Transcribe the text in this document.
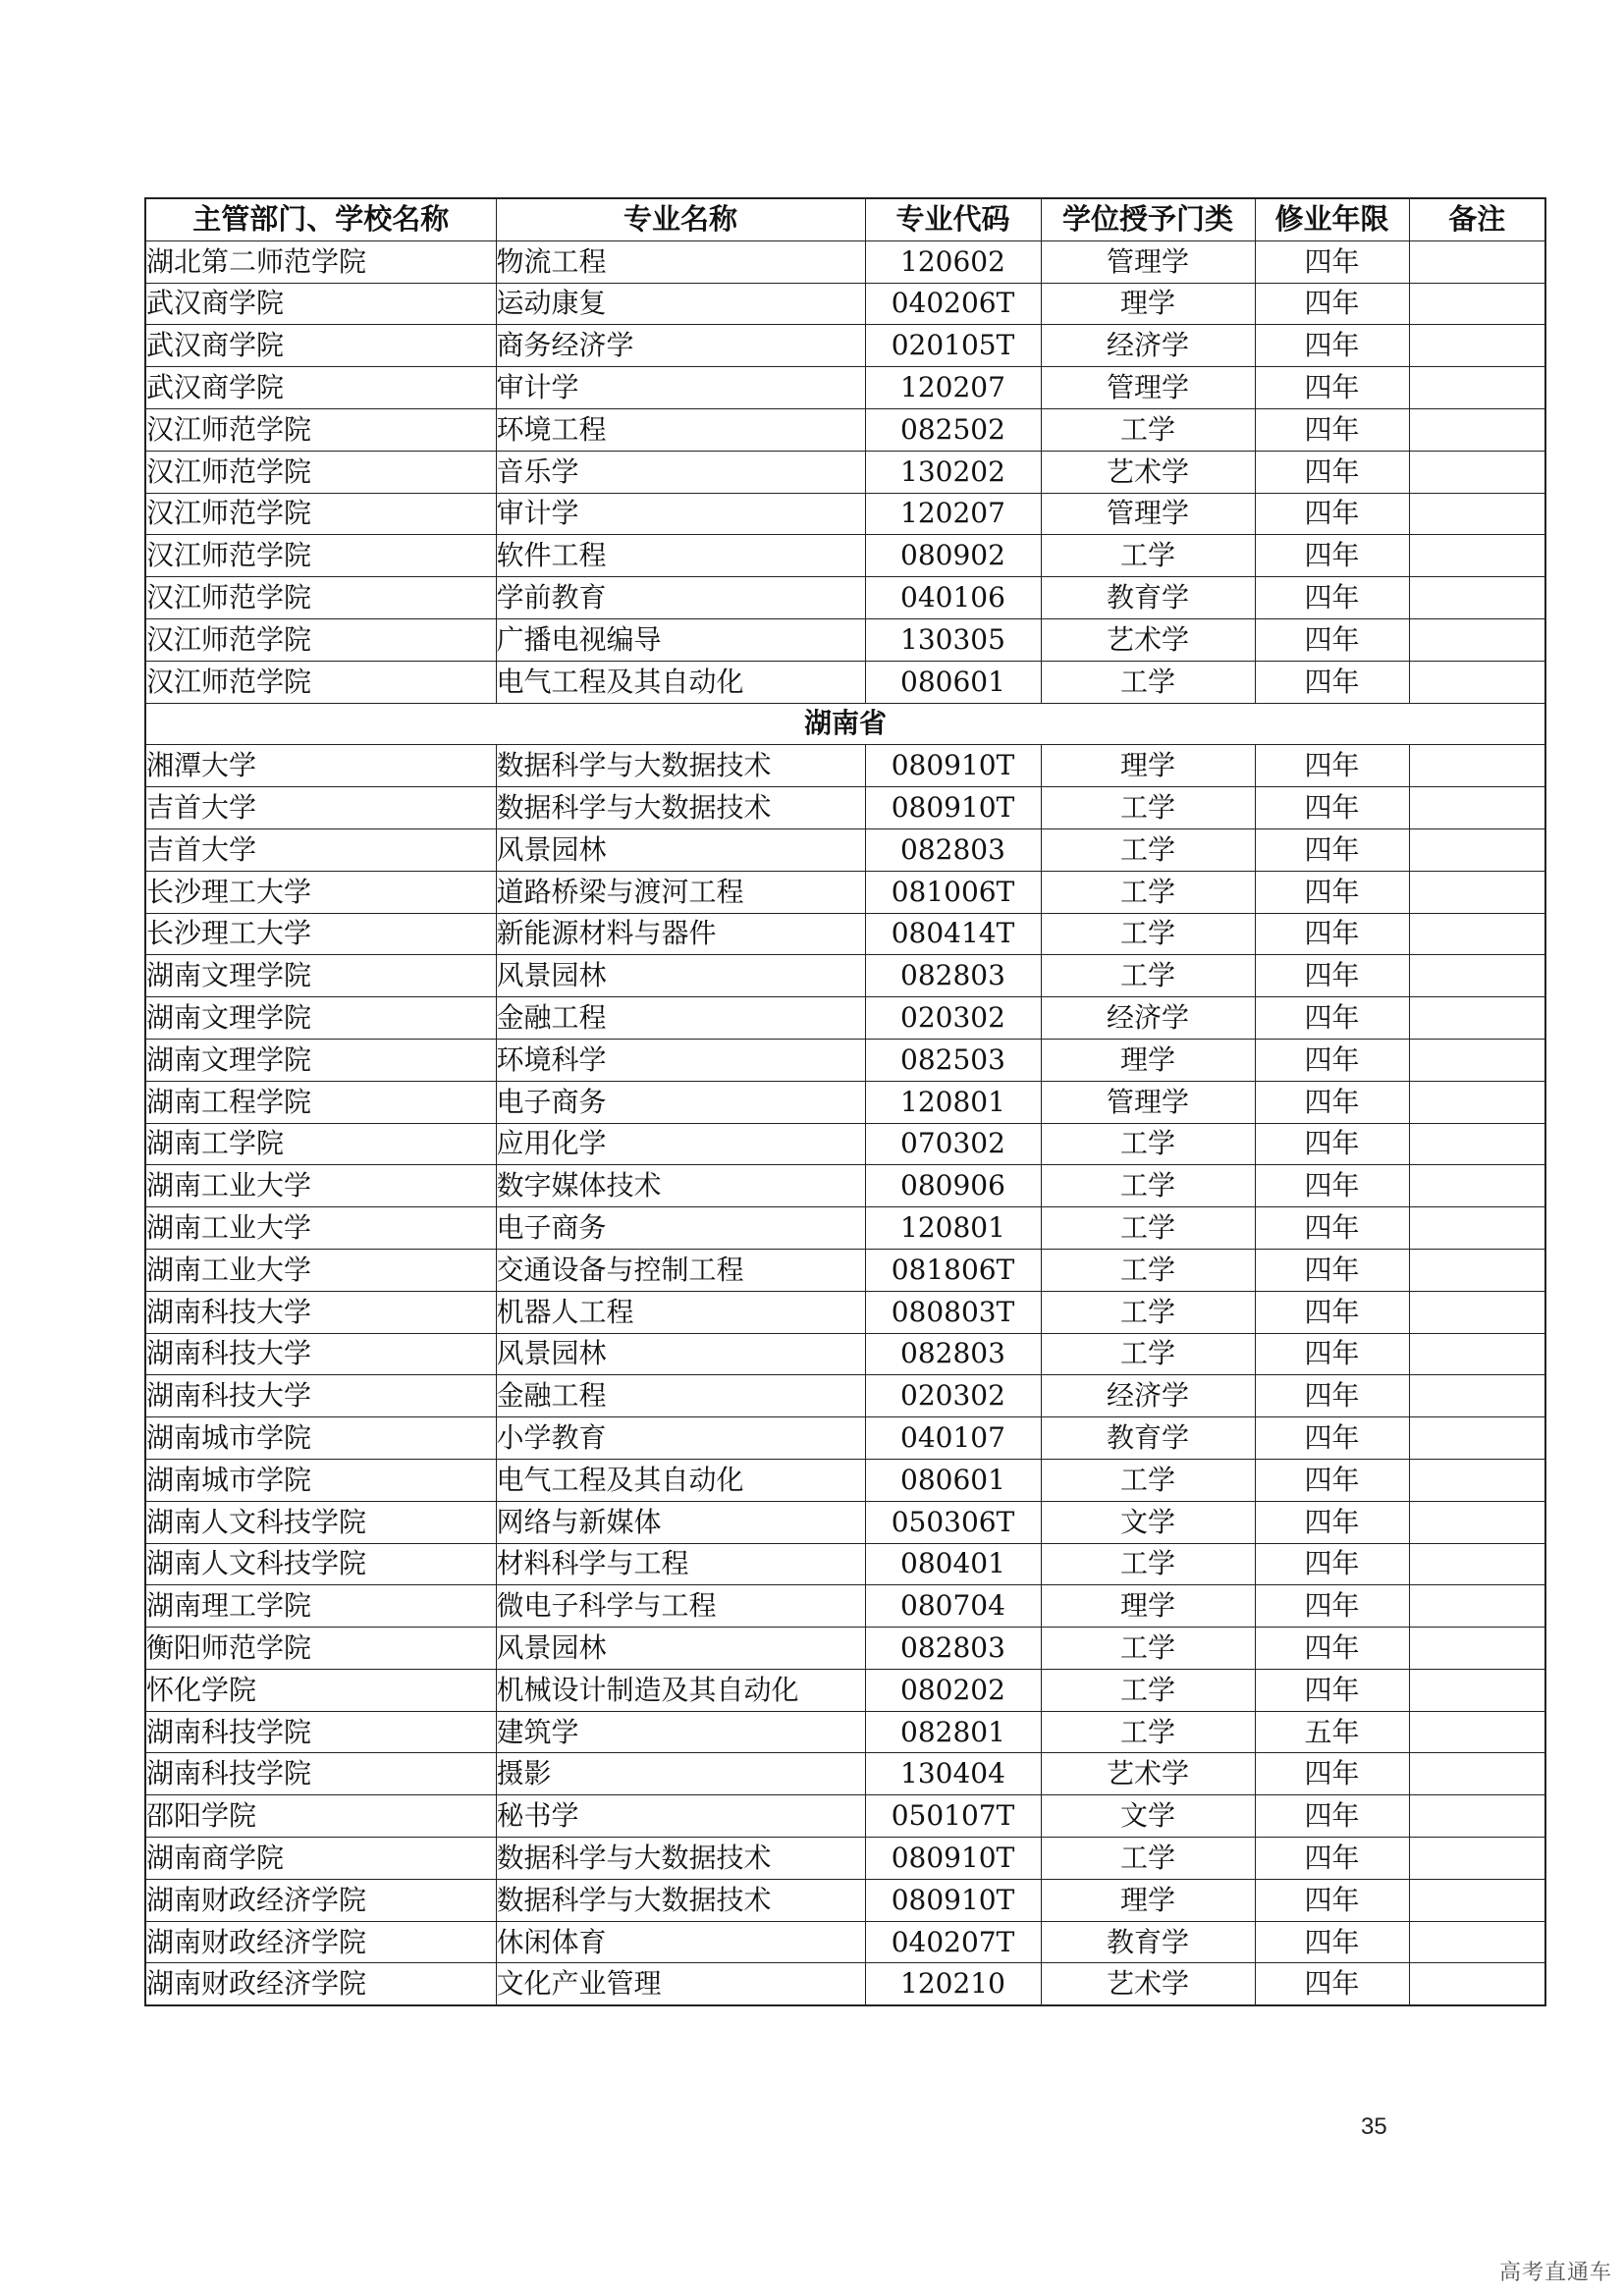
主管部门、学校名称	专业名称	专业代码	学位授予门类	修业年限	备注
湖北第二师范学院	物流工程	120602	管理学	四年	
武汉商学院	运动康复	040206T	理学	四年	
武汉商学院	商务经济学	020105T	经济学	四年	
武汉商学院	审计学	120207	管理学	四年	
汉江师范学院	环境工程	082502	工学	四年	
汉江师范学院	音乐学	130202	艺术学	四年	
汉江师范学院	审计学	120207	管理学	四年	
汉江师范学院	软件工程	080902	工学	四年	
汉江师范学院	学前教育	040106	教育学	四年	
汉江师范学院	广播电视编导	130305	艺术学	四年	
汉江师范学院	电气工程及其自动化	080601	工学	四年	
湖南省					
湘潭大学	数据科学与大数据技术	080910T	理学	四年	
吉首大学	数据科学与大数据技术	080910T	工学	四年	
吉首大学	风景园林	082803	工学	四年	
长沙理工大学	道路桥梁与渡河工程	081006T	工学	四年	
长沙理工大学	新能源材料与器件	080414T	工学	四年	
湖南文理学院	风景园林	082803	工学	四年	
湖南文理学院	金融工程	020302	经济学	四年	
湖南文理学院	环境科学	082503	理学	四年	
湖南工程学院	电子商务	120801	管理学	四年	
湖南工学院	应用化学	070302	工学	四年	
湖南工业大学	数字媒体技术	080906	工学	四年	
湖南工业大学	电子商务	120801	工学	四年	
湖南工业大学	交通设备与控制工程	081806T	工学	四年	
湖南科技大学	机器人工程	080803T	工学	四年	
湖南科技大学	风景园林	082803	工学	四年	
湖南科技大学	金融工程	020302	经济学	四年	
湖南城市学院	小学教育	040107	教育学	四年	
湖南城市学院	电气工程及其自动化	080601	工学	四年	
湖南人文科技学院	网络与新媒体	050306T	文学	四年	
湖南人文科技学院	材料科学与工程	080401	工学	四年	
湖南理工学院	微电子科学与工程	080704	理学	四年	
衡阳师范学院	风景园林	082803	工学	四年	
怀化学院	机械设计制造及其自动化	080202	工学	四年	
湖南科技学院	建筑学	082801	工学	五年	
湖南科技学院	摄影	130404	艺术学	四年	
邵阳学院	秘书学	050107T	文学	四年	
湖南商学院	数据科学与大数据技术	080910T	工学	四年	
湖南财政经济学院	数据科学与大数据技术	080910T	理学	四年	
湖南财政经济学院	休闲体育	040207T	教育学	四年	
湖南财政经济学院	文化产业管理	120210	艺术学	四年	
35
高考直通车
